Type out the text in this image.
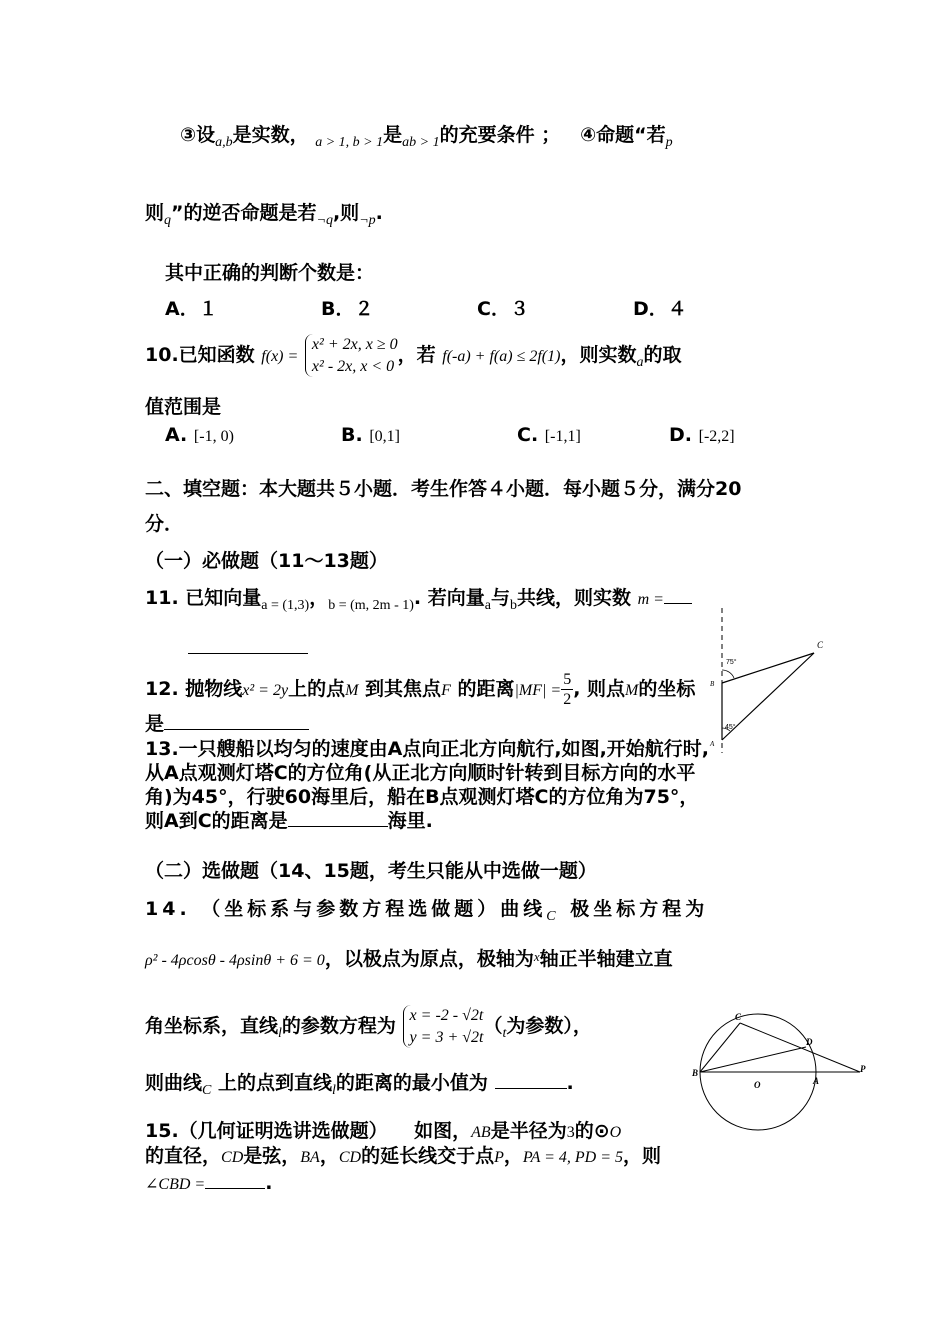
③设$_{a,b}$是实数， $_{a > 1, b > 1}$是$_{ab > 1}$的充要条件 ； ④命题“若$_p$
则$_q$”的逆否命题是若$_{\neg q}$,则$_{\neg p}$.
其中正确的判断个数是：
A．１	B．２	C．３	D．４
10.已知函数 f(x) =
x² + 2x, x ≥ 0
x² - 2x, x < 0 ，若 f(-a) + f(a) ≤ 2f(1)，则实数$_a$的取
值范围是
A. [-1, 0)	B. [0,1]	C. [-1,1]	D. [-2,2]
二、填空题：本大题共５小题．考生作答４小题．每小题５分，满分20
分．
（一）必做题（11～13题）
11. 已知向量$_{a = (1,3)}$，$_{b = (m, 2m - 1)}$. 若向量$_a$与$_b$共线，则实数 m =
12. 抛物线x² = 2y上的点M 到其焦点F 的距离$|MF| = \frac{5}{2}$ , 则点M的坐标
是
13.一只艘船以均匀的速度由A点向正北方向航行,如图,开始航行时,
从A点观测灯塔C的方位角(从正北方向顺时针转到目标方向的水平
角)为45°，行驶60海里后，船在B点观测灯塔C的方位角为75°，
则A到C的距离是	海里.
C
75°
45°
B
A
（二）选做题（14、15题，考生只能从中选做一题）
14. （坐标系与参数方程选做题）曲线$_C$ 极坐标方程为
ρ² - 4ρcosθ - 4ρsinθ + 6 = 0，以极点为原点，极轴为$^x$轴正半轴建立直
角坐标系，直线$_l$的参数方程为 x = -2 - √2t
y = 3 + √2t （$_t$为参数），
则曲线$_C$ 上的点到直线$_l$的距离的最小值为	.
C
D
B
O	A
P
15.（几何证明选讲选做题） 如图，AB是半径为3的⊙O
的直径，CD是弦，BA，CD的延长线交于点P，PA = 4, PD = 5，则
∠CBD =	.
